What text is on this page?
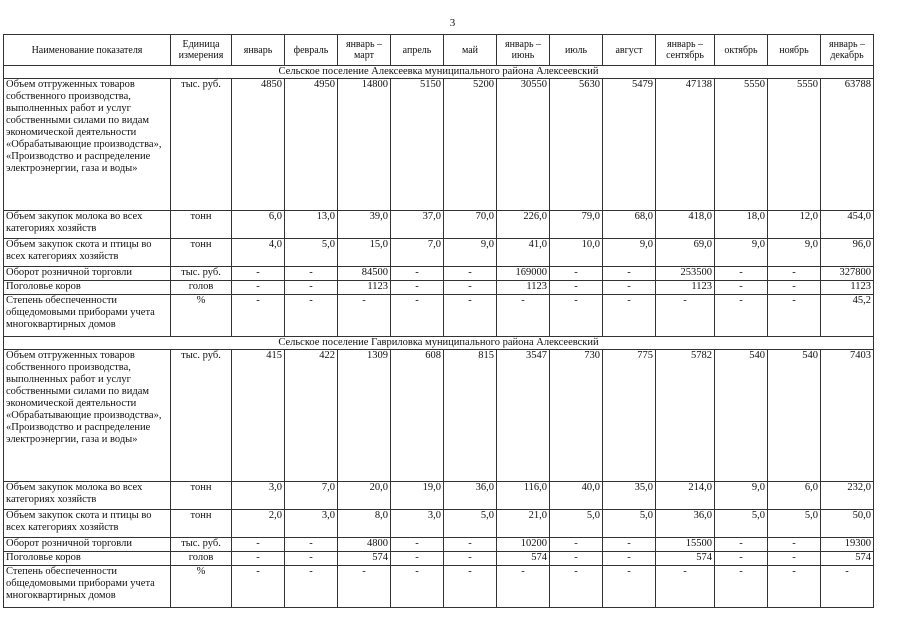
3
Наименование показателя	Единица измерения	январь	февраль	январь – март	апрель	май	январь – июнь	июль	август	январь – сентябрь	октябрь	ноябрь	январь – декабрь
Сельское поселение Алексеевка муниципального района Алексеевский													
Объем отгруженных товаров собственного производства, выполненных работ и услуг собственными силами по видам экономической деятельности «Обрабатывающие производства», «Производство и распределение электроэнергии, газа и воды»	тыс. руб.	4850	4950	14800	5150	5200	30550	5630	5479	47138	5550	5550	63788
Объем закупок молока во всех категориях хозяйств	тонн	6,0	13,0	39,0	37,0	70,0	226,0	79,0	68,0	418,0	18,0	12,0	454,0
Объем закупок скота и птицы во всех категориях хозяйств	тонн	4,0	5,0	15,0	7,0	9,0	41,0	10,0	9,0	69,0	9,0	9,0	96,0
Оборот розничной торговли	тыс. руб.	-	-	84500	-	-	169000	-	-	253500	-	-	327800
Поголовье коров	голов	-	-	1123	-	-	1123	-	-	1123	-	-	1123
Степень обеспеченности общедомовыми приборами учета многоквартирных домов	%	-	-	-	-	-	-	-	-	-	-	-	45,2
Сельское поселение Гавриловка муниципального района Алексеевский													
Объем отгруженных товаров собственного производства, выполненных работ и услуг собственными силами по видам экономической деятельности «Обрабатывающие производства», «Производство и распределение электроэнергии, газа и воды»	тыс. руб.	415	422	1309	608	815	3547	730	775	5782	540	540	7403
Объем закупок молока во всех категориях хозяйств	тонн	3,0	7,0	20,0	19,0	36,0	116,0	40,0	35,0	214,0	9,0	6,0	232,0
Объем закупок скота и птицы во всех категориях хозяйств	тонн	2,0	3,0	8,0	3,0	5,0	21,0	5,0	5,0	36,0	5,0	5,0	50,0
Оборот розничной торговли	тыс. руб.	-	-	4800	-	-	10200	-	-	15500	-	-	19300
Поголовье коров	голов	-	-	574	-	-	574	-	-	574	-	-	574
Степень обеспеченности общедомовыми приборами учета многоквартирных домов	%	-	-	-	-	-	-	-	-	-	-	-	-
